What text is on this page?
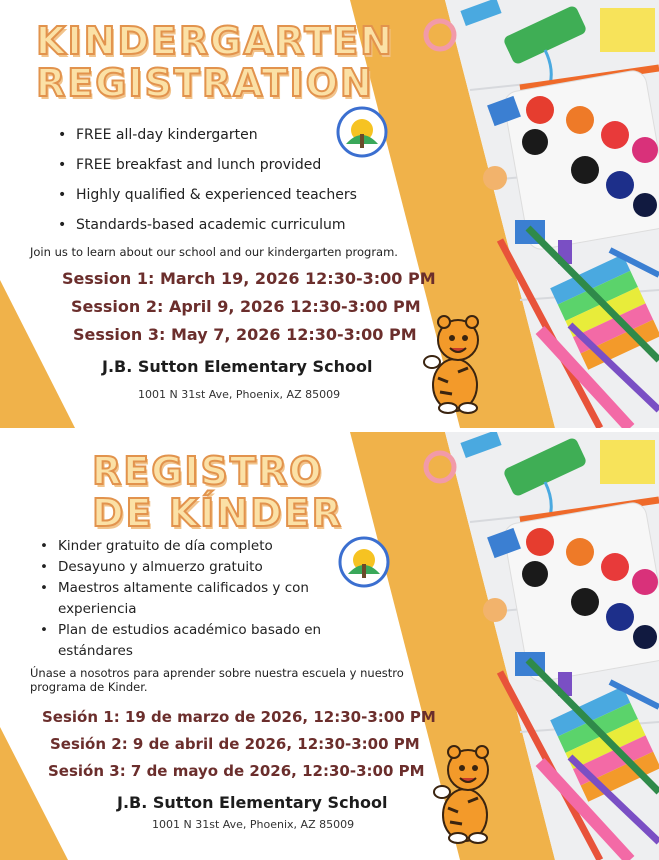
KINDERGARTEN
REGISTRATION
• FREE all-day kindergarten
• FREE breakfast and lunch provided
• Highly qualified & experienced teachers
• Standards-based academic curriculum
Join us to learn about our school and our kindergarten program.
Session 1: March 19, 2026 12:30-3:00 PM
Session 2: April 9, 2026 12:30-3:00 PM
Session 3: May 7, 2026 12:30-3:00 PM
J.B. Sutton Elementary School
1001 N 31st Ave, Phoenix, AZ 85009
REGISTRO
DE KÍNDER
• Kinder gratuito de día completo
• Desayuno y almuerzo gratuito
• Maestros altamente calificados y con experiencia
• Plan de estudios académico basado en estándares
Únase a nosotros para aprender sobre nuestra escuela y nuestro programa de Kinder.
Sesión 1: 19 de marzo de 2026, 12:30-3:00 PM
Sesión 2: 9 de abril de 2026, 12:30-3:00 PM
Sesión 3: 7 de mayo de 2026, 12:30-3:00 PM
J.B. Sutton Elementary School
1001 N 31st Ave, Phoenix, AZ 85009
